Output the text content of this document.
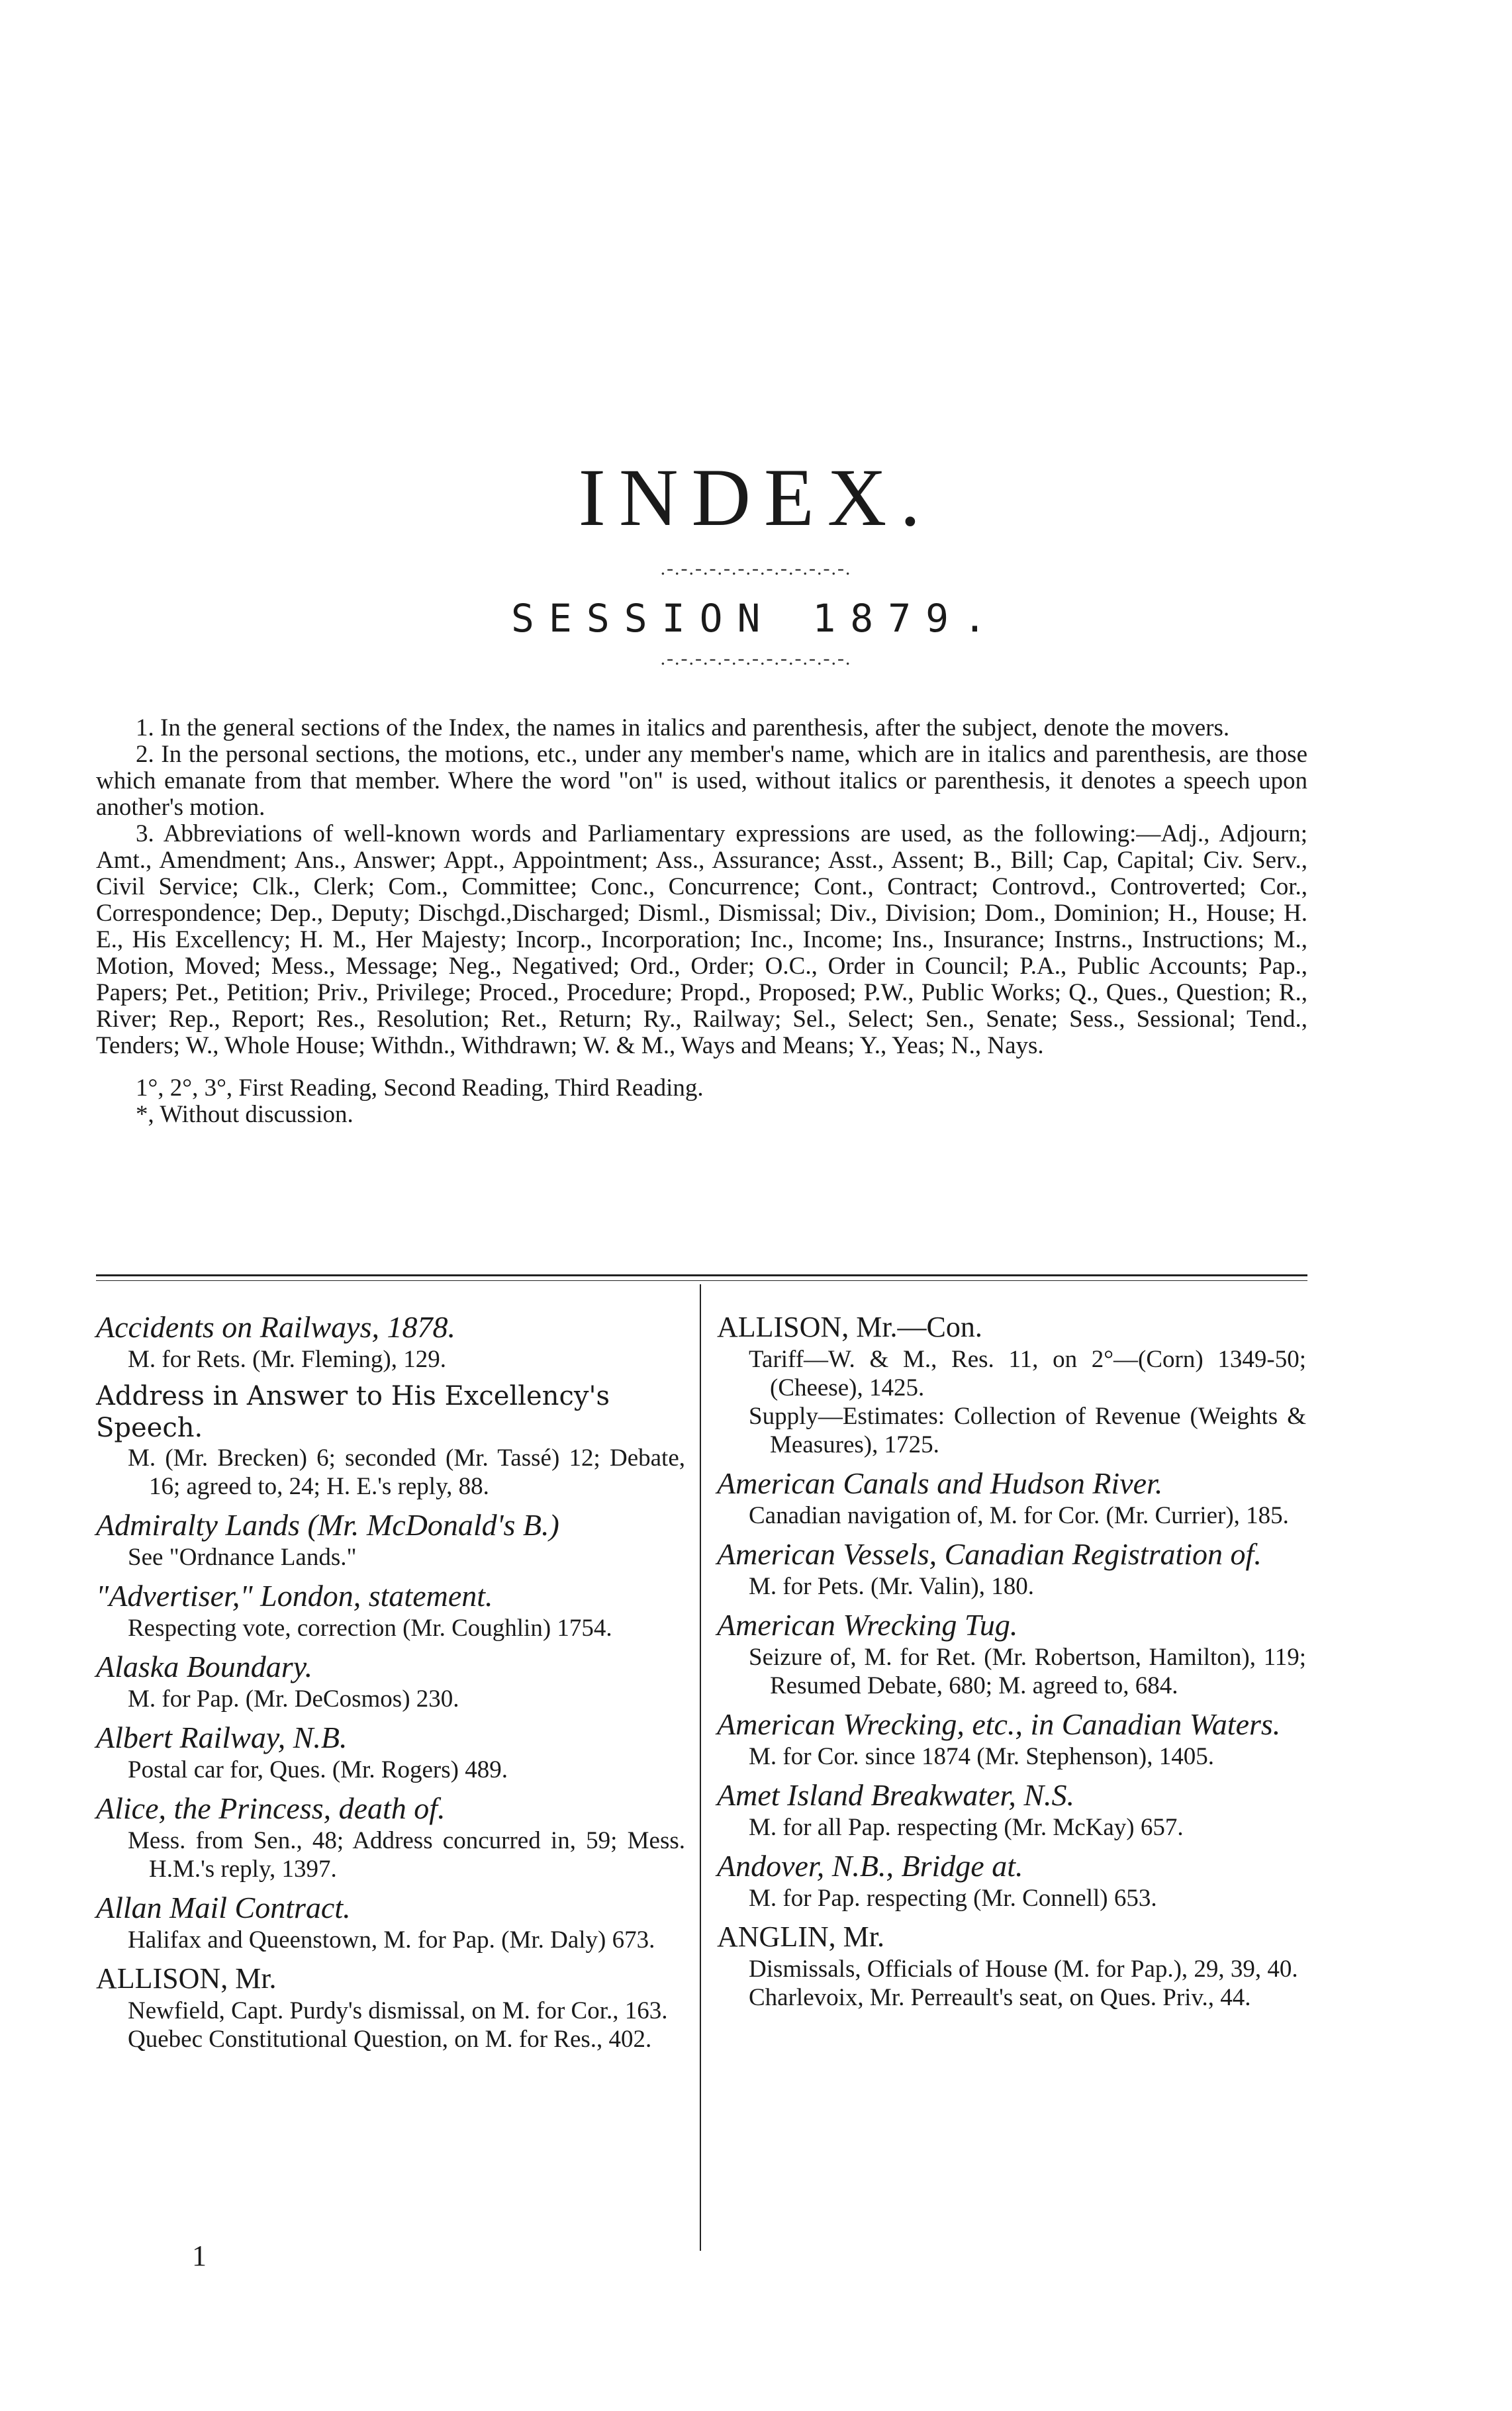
INDEX.
.-.-.-.-.-.-.-.-.-.-.-.-.-.
SESSION 1879.
.-.-.-.-.-.-.-.-.-.-.-.-.-.

1. In the general sections of the Index, the names in italics and parenthesis, after the subject, denote the movers.

2. In the personal sections, the motions, etc., under any member's name, which are in italics and parenthesis, are those which emanate from that member. Where the word "on" is used, without italics or parenthesis, it denotes a speech upon another's motion.

3. Abbreviations of well-known words and Parliamentary expressions are used, as the following:—Adj., Adjourn; Amt., Amendment; Ans., Answer; Appt., Appointment; Ass., Assurance; Asst., Assent; B., Bill; Cap, Capital; Civ. Serv., Civil Service; Clk., Clerk; Com., Committee; Conc., Concurrence; Cont., Contract; Controvd., Controverted; Cor., Correspondence; Dep., Deputy; Dischgd.,Discharged; Disml., Dismissal; Div., Division; Dom., Dominion; H., House; H. E., His Excellency; H. M., Her Majesty; Incorp., Incorporation; Inc., Income; Ins., Insurance; Instrns., Instructions; M., Motion, Moved; Mess., Message; Neg., Negatived; Ord., Order; O.C., Order in Council; P.A., Public Accounts; Pap., Papers; Pet., Petition; Priv., Privilege; Proced., Procedure; Propd., Proposed; P.W., Public Works; Q., Ques., Question; R., River; Rep., Report; Res., Resolution; Ret., Return; Ry., Railway; Sel., Select; Sen., Senate; Sess., Sessional; Tend., Tenders; W., Whole House; Withdn., Withdrawn; W. & M., Ways and Means; Y., Yeas; N., Nays.

1°, 2°, 3°, First Reading, Second Reading, Third Reading.

*, Without discussion.

Accidents on Railways, 1878.
M. for Rets. (Mr. Fleming), 129.
Address in Answer to His Excellency's Speech.
M. (Mr. Brecken) 6; seconded (Mr. Tassé) 12; Debate, 16; agreed to, 24; H. E.'s reply, 88.
Admiralty Lands (Mr. McDonald's B.)
See "Ordnance Lands."
"Advertiser," London, statement.
Respecting vote, correction (Mr. Coughlin) 1754.
Alaska Boundary.
M. for Pap. (Mr. DeCosmos) 230.
Albert Railway, N.B.
Postal car for, Ques. (Mr. Rogers) 489.
Alice, the Princess, death of.
Mess. from Sen., 48; Address concurred in, 59; Mess. H.M.'s reply, 1397.
Allan Mail Contract.
Halifax and Queenstown, M. for Pap. (Mr. Daly) 673.
ALLISON, Mr.
Newfield, Capt. Purdy's dismissal, on M. for Cor., 163.
Quebec Constitutional Question, on M. for Res., 402.
ALLISON, Mr.—Con.
Tariff—W. & M., Res. 11, on 2°—(Corn) 1349-50; (Cheese), 1425.
Supply—Estimates: Collection of Revenue (Weights & Measures), 1725.
American Canals and Hudson River.
Canadian navigation of, M. for Cor. (Mr. Currier), 185.
American Vessels, Canadian Registration of.
M. for Pets. (Mr. Valin), 180.
American Wrecking Tug.
Seizure of, M. for Ret. (Mr. Robertson, Hamilton), 119; Resumed Debate, 680; M. agreed to, 684.
American Wrecking, etc., in Canadian Waters.
M. for Cor. since 1874 (Mr. Stephenson), 1405.
Amet Island Breakwater, N.S.
M. for all Pap. respecting (Mr. McKay) 657.
Andover, N.B., Bridge at.
M. for Pap. respecting (Mr. Connell) 653.
ANGLIN, Mr.
Dismissals, Officials of House (M. for Pap.), 29, 39, 40.
Charlevoix, Mr. Perreault's seat, on Ques. Priv., 44.
1
